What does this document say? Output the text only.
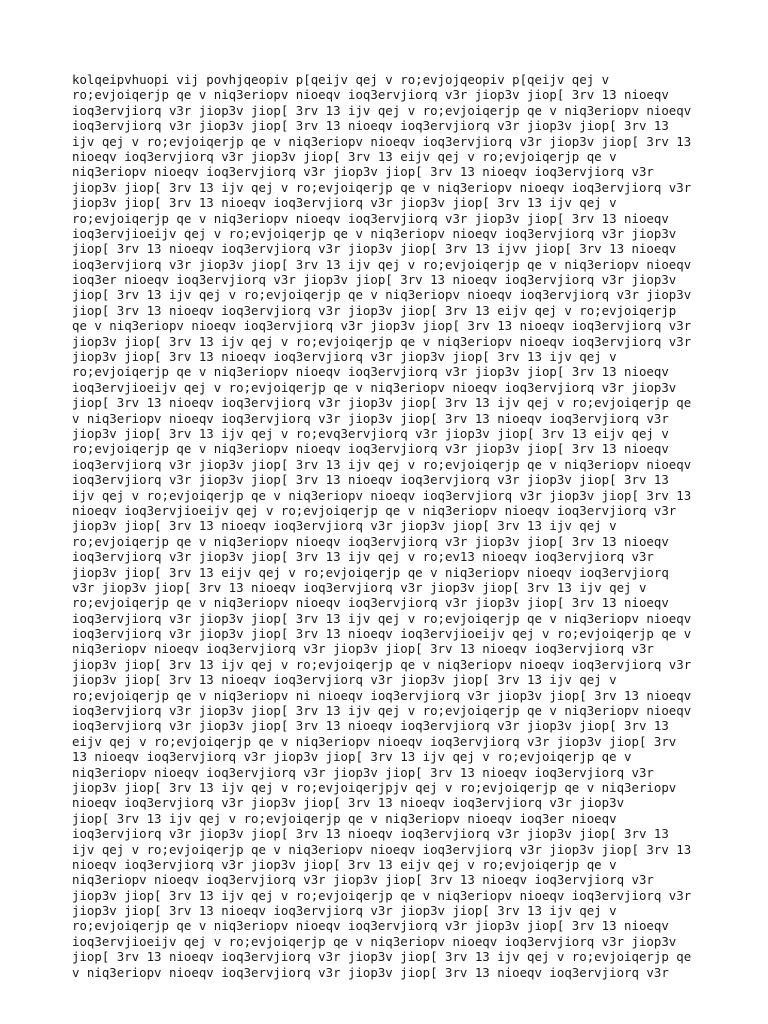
kolqeipvhuopi vij povhjqeopiv p[qeijv qej v ro;evjojqeopiv p[qeijv qej v
ro;evjoiqerjp qe v niq3eriopv nioeqv ioq3ervjiorq v3r jiop3v jiop[ 3rv 13 nioeqv
ioq3ervjiorq v3r jiop3v jiop[ 3rv 13 ijv qej v ro;evjoiqerjp qe v niq3eriopv nioeqv
ioq3ervjiorq v3r jiop3v jiop[ 3rv 13 nioeqv ioq3ervjiorq v3r jiop3v jiop[ 3rv 13
ijv qej v ro;evjoiqerjp qe v niq3eriopv nioeqv ioq3ervjiorq v3r jiop3v jiop[ 3rv 13
nioeqv ioq3ervjiorq v3r jiop3v jiop[ 3rv 13 eijv qej v ro;evjoiqerjp qe v
niq3eriopv nioeqv ioq3ervjiorq v3r jiop3v jiop[ 3rv 13 nioeqv ioq3ervjiorq v3r
jiop3v jiop[ 3rv 13 ijv qej v ro;evjoiqerjp qe v niq3eriopv nioeqv ioq3ervjiorq v3r
jiop3v jiop[ 3rv 13 nioeqv ioq3ervjiorq v3r jiop3v jiop[ 3rv 13 ijv qej v
ro;evjoiqerjp qe v niq3eriopv nioeqv ioq3ervjiorq v3r jiop3v jiop[ 3rv 13 nioeqv
ioq3ervjioeijv qej v ro;evjoiqerjp qe v niq3eriopv nioeqv ioq3ervjiorq v3r jiop3v
jiop[ 3rv 13 nioeqv ioq3ervjiorq v3r jiop3v jiop[ 3rv 13 ijvv jiop[ 3rv 13 nioeqv
ioq3ervjiorq v3r jiop3v jiop[ 3rv 13 ijv qej v ro;evjoiqerjp qe v niq3eriopv nioeqv
ioq3er nioeqv ioq3ervjiorq v3r jiop3v jiop[ 3rv 13 nioeqv ioq3ervjiorq v3r jiop3v
jiop[ 3rv 13 ijv qej v ro;evjoiqerjp qe v niq3eriopv nioeqv ioq3ervjiorq v3r jiop3v
jiop[ 3rv 13 nioeqv ioq3ervjiorq v3r jiop3v jiop[ 3rv 13 eijv qej v ro;evjoiqerjp
qe v niq3eriopv nioeqv ioq3ervjiorq v3r jiop3v jiop[ 3rv 13 nioeqv ioq3ervjiorq v3r
jiop3v jiop[ 3rv 13 ijv qej v ro;evjoiqerjp qe v niq3eriopv nioeqv ioq3ervjiorq v3r
jiop3v jiop[ 3rv 13 nioeqv ioq3ervjiorq v3r jiop3v jiop[ 3rv 13 ijv qej v
ro;evjoiqerjp qe v niq3eriopv nioeqv ioq3ervjiorq v3r jiop3v jiop[ 3rv 13 nioeqv
ioq3ervjioeijv qej v ro;evjoiqerjp qe v niq3eriopv nioeqv ioq3ervjiorq v3r jiop3v
jiop[ 3rv 13 nioeqv ioq3ervjiorq v3r jiop3v jiop[ 3rv 13 ijv qej v ro;evjoiqerjp qe
v niq3eriopv nioeqv ioq3ervjiorq v3r jiop3v jiop[ 3rv 13 nioeqv ioq3ervjiorq v3r
jiop3v jiop[ 3rv 13 ijv qej v ro;evq3ervjiorq v3r jiop3v jiop[ 3rv 13 eijv qej v
ro;evjoiqerjp qe v niq3eriopv nioeqv ioq3ervjiorq v3r jiop3v jiop[ 3rv 13 nioeqv
ioq3ervjiorq v3r jiop3v jiop[ 3rv 13 ijv qej v ro;evjoiqerjp qe v niq3eriopv nioeqv
ioq3ervjiorq v3r jiop3v jiop[ 3rv 13 nioeqv ioq3ervjiorq v3r jiop3v jiop[ 3rv 13
ijv qej v ro;evjoiqerjp qe v niq3eriopv nioeqv ioq3ervjiorq v3r jiop3v jiop[ 3rv 13
nioeqv ioq3ervjioeijv qej v ro;evjoiqerjp qe v niq3eriopv nioeqv ioq3ervjiorq v3r
jiop3v jiop[ 3rv 13 nioeqv ioq3ervjiorq v3r jiop3v jiop[ 3rv 13 ijv qej v
ro;evjoiqerjp qe v niq3eriopv nioeqv ioq3ervjiorq v3r jiop3v jiop[ 3rv 13 nioeqv
ioq3ervjiorq v3r jiop3v jiop[ 3rv 13 ijv qej v ro;ev13 nioeqv ioq3ervjiorq v3r
jiop3v jiop[ 3rv 13 eijv qej v ro;evjoiqerjp qe v niq3eriopv nioeqv ioq3ervjiorq
v3r jiop3v jiop[ 3rv 13 nioeqv ioq3ervjiorq v3r jiop3v jiop[ 3rv 13 ijv qej v
ro;evjoiqerjp qe v niq3eriopv nioeqv ioq3ervjiorq v3r jiop3v jiop[ 3rv 13 nioeqv
ioq3ervjiorq v3r jiop3v jiop[ 3rv 13 ijv qej v ro;evjoiqerjp qe v niq3eriopv nioeqv
ioq3ervjiorq v3r jiop3v jiop[ 3rv 13 nioeqv ioq3ervjioeijv qej v ro;evjoiqerjp qe v
niq3eriopv nioeqv ioq3ervjiorq v3r jiop3v jiop[ 3rv 13 nioeqv ioq3ervjiorq v3r
jiop3v jiop[ 3rv 13 ijv qej v ro;evjoiqerjp qe v niq3eriopv nioeqv ioq3ervjiorq v3r
jiop3v jiop[ 3rv 13 nioeqv ioq3ervjiorq v3r jiop3v jiop[ 3rv 13 ijv qej v
ro;evjoiqerjp qe v niq3eriopv ni nioeqv ioq3ervjiorq v3r jiop3v jiop[ 3rv 13 nioeqv
ioq3ervjiorq v3r jiop3v jiop[ 3rv 13 ijv qej v ro;evjoiqerjp qe v niq3eriopv nioeqv
ioq3ervjiorq v3r jiop3v jiop[ 3rv 13 nioeqv ioq3ervjiorq v3r jiop3v jiop[ 3rv 13
eijv qej v ro;evjoiqerjp qe v niq3eriopv nioeqv ioq3ervjiorq v3r jiop3v jiop[ 3rv
13 nioeqv ioq3ervjiorq v3r jiop3v jiop[ 3rv 13 ijv qej v ro;evjoiqerjp qe v
niq3eriopv nioeqv ioq3ervjiorq v3r jiop3v jiop[ 3rv 13 nioeqv ioq3ervjiorq v3r
jiop3v jiop[ 3rv 13 ijv qej v ro;evjoiqerjpjv qej v ro;evjoiqerjp qe v niq3eriopv
nioeqv ioq3ervjiorq v3r jiop3v jiop[ 3rv 13 nioeqv ioq3ervjiorq v3r jiop3v
jiop[ 3rv 13 ijv qej v ro;evjoiqerjp qe v niq3eriopv nioeqv ioq3er nioeqv
ioq3ervjiorq v3r jiop3v jiop[ 3rv 13 nioeqv ioq3ervjiorq v3r jiop3v jiop[ 3rv 13
ijv qej v ro;evjoiqerjp qe v niq3eriopv nioeqv ioq3ervjiorq v3r jiop3v jiop[ 3rv 13
nioeqv ioq3ervjiorq v3r jiop3v jiop[ 3rv 13 eijv qej v ro;evjoiqerjp qe v
niq3eriopv nioeqv ioq3ervjiorq v3r jiop3v jiop[ 3rv 13 nioeqv ioq3ervjiorq v3r
jiop3v jiop[ 3rv 13 ijv qej v ro;evjoiqerjp qe v niq3eriopv nioeqv ioq3ervjiorq v3r
jiop3v jiop[ 3rv 13 nioeqv ioq3ervjiorq v3r jiop3v jiop[ 3rv 13 ijv qej v
ro;evjoiqerjp qe v niq3eriopv nioeqv ioq3ervjiorq v3r jiop3v jiop[ 3rv 13 nioeqv
ioq3ervjioeijv qej v ro;evjoiqerjp qe v niq3eriopv nioeqv ioq3ervjiorq v3r jiop3v
jiop[ 3rv 13 nioeqv ioq3ervjiorq v3r jiop3v jiop[ 3rv 13 ijv qej v ro;evjoiqerjp qe
v niq3eriopv nioeqv ioq3ervjiorq v3r jiop3v jiop[ 3rv 13 nioeqv ioq3ervjiorq v3r
